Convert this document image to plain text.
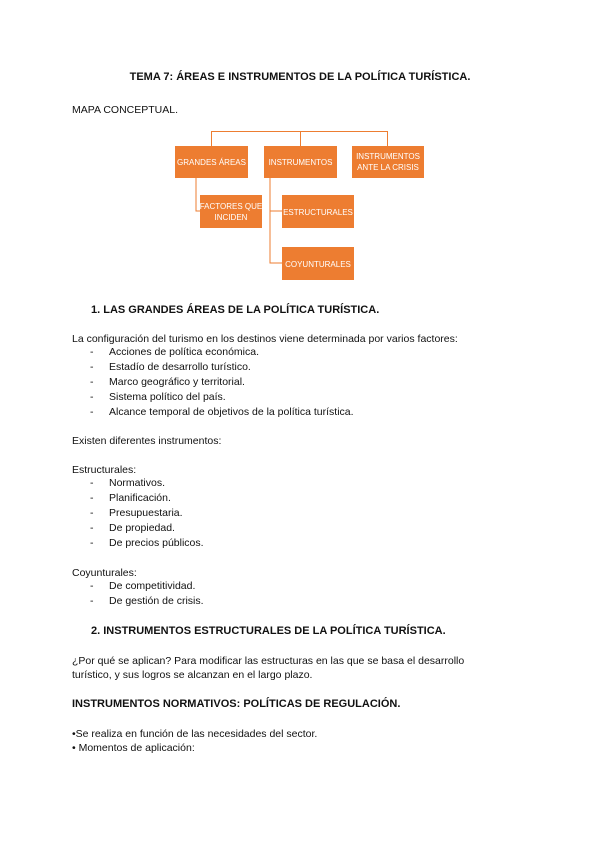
TEMA 7: ÁREAS E INSTRUMENTOS DE LA POLÍTICA TURÍSTICA.
MAPA CONCEPTUAL.
GRANDES ÁREAS	INSTRUMENTOS
INSTRUMENTOS
ANTE LA CRISIS
FACTORES QUE
INCIDEN
ESTRUCTURALES
COYUNTURALES
1. LAS GRANDES ÁREAS DE LA POLÍTICA TURÍSTICA.
La configuración del turismo en los destinos viene determinada por varios factores:
- Acciones de política económica.
- Estadío de desarrollo turístico.
- Marco geográfico y territorial.
- Sistema político del país.
- Alcance temporal de objetivos de la política turística.
Existen diferentes instrumentos:
Estructurales:
- Normativos.
- Planificación.
- Presupuestaria.
- De propiedad.
- De precios públicos.
Coyunturales:
- De competitividad.
- De gestión de crisis.
2. INSTRUMENTOS ESTRUCTURALES DE LA POLÍTICA TURÍSTICA.
¿Por qué se aplican? Para modificar las estructuras en las que se basa el desarrollo
turístico, y sus logros se alcanzan en el largo plazo.
INSTRUMENTOS NORMATIVOS: POLÍTICAS DE REGULACIÓN.
•Se realiza en función de las necesidades del sector.
• Momentos de aplicación:
